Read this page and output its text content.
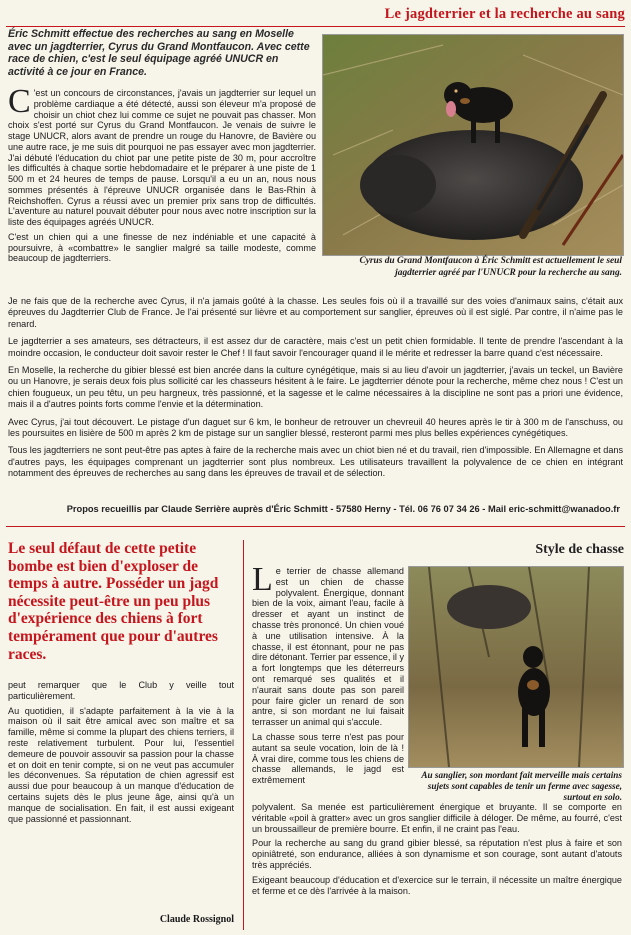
Le jagdterrier et la recherche au sang
Éric Schmitt effectue des recherches au sang en Moselle avec un jagdterrier, Cyrus du Grand Montfaucon. Avec cette race de chien, c'est le seul équipage agréé UNUCR en activité à ce jour en France.

C 'est un concours de circonstances, j'avais un jagdterrier sur lequel un problème cardiaque a été détecté, aussi son éleveur m'a proposé de choisir un chiot chez lui comme ce sujet ne pouvait pas chasser. Mon choix s'est porté sur Cyrus du Grand Montfaucon. Je venais de suivre le stage UNUCR, alors avant de prendre un rouge du Hanovre, de Bavière ou une autre race, je me suis dit pourquoi ne pas essayer avec mon jagdterrier. J'ai débuté l'éducation du chiot par une petite piste de 30 m, pour accroître les difficultés à chaque sortie hebdomadaire et le préparer à une piste de 1 500 m et 24 heures de temps de pause. Lorsqu'il a eu un an, nous nous sommes présentés à l'épreuve UNUCR organisée dans le Bas-Rhin à Reichshoffen. Cyrus a réussi avec un premier prix sans trop de difficultés. L'aventure au naturel pouvait débuter pour nous avec notre inscription sur la liste des équipages agréés UNUCR.

C'est un chien qui a une finesse de nez indéniable et une capacité à poursuivre, à «combattre» le sanglier malgré sa taille modeste, comme beaucoup de jagdterriers.	Cyrus du Grand Montfaucon à Éric Schmitt est actuellement le seul jagdterrier agréé par l'UNUCR pour la recherche au sang.

Je ne fais que de la recherche avec Cyrus, il n'a jamais goûté à la chasse. Les seules fois où il a travaillé sur des voies d'animaux sains, c'était aux épreuves du Jagdterrier Club de France. Je l'ai présenté sur lièvre et au comportement sur sanglier, épreuves où il est siglé. Par contre, il n'aime pas le renard.

Le jagdterrier a ses amateurs, ses détracteurs, il est assez dur de caractère, mais c'est un petit chien formidable. Il tente de prendre l'ascendant à la moindre occasion, le conducteur doit savoir rester le Chef ! Il faut savoir l'encourager quand il le mérite et redresser la barre quand c'est nécessaire.

En Moselle, la recherche du gibier blessé est bien ancrée dans la culture cynégétique, mais si au lieu d'avoir un jagdterrier, j'avais un teckel, un Bavière ou un Hanovre, je serais deux fois plus sollicité car les chasseurs hésitent à le faire. Le jagdterrier dénote pour la recherche, même chez nous ! C'est un chien fougueux, un peu têtu, un peu hargneux, très passionné, et la sagesse et le calme nécessaires à la discipline ne sont pas a priori une évidence, mais il a d'autres points forts comme l'envie et la détermination.

Avec Cyrus, j'ai tout découvert. Le pistage d'un daguet sur 6 km, le bonheur de retrouver un chevreuil 40 heures après le tir à 300 m de l'anschuss, ou les poursuites en lisière de 500 m après 2 km de pistage sur un sanglier blessé, resteront parmi mes plus belles expériences cynégétiques.

Tous les jagdterriers ne sont peut-être pas aptes à faire de la recherche mais avec un chiot bien né et du travail, rien d'impossible. En Allemagne et dans d'autres pays, les équipages comprenant un jagdterrier sont plus nombreux. Les utilisateurs travaillent la polyvalence de ce chien en intégrant notamment des épreuves de recherches au sang dans les épreuves de travail et de sélection.

Propos recueillis par Claude Serrière auprès d'Éric Schmitt - 57580 Herny - Tél. 06 76 07 34 26 - Mail eric-schmitt@wanadoo.fr
Le seul défaut de cette petite bombe est bien d'exploser de temps à autre. Posséder un jagd nécessite peut-être un peu plus d'expérience des chiens à fort tempérament que pour d'autres races.

peut remarquer que le Club y veille tout particulièrement.

Au quotidien, il s'adapte parfaitement à la vie à la maison où il sait être amical avec son maître et sa famille, même si comme la plupart des chiens terriers, il reste relativement turbulent. Pour lui, l'essentiel demeure de pouvoir assouvir sa passion pour la chasse et on doit en tenir compte, si on ne veut pas accumuler les déconvenues. Sa réputation de chien agressif est aussi due pour beaucoup à un manque d'éducation de certains sujets dès le plus jeune âge, ainsi qu'à un manque de socialisation. En fait, il est aussi exigeant que passionné et passionnant.

Claude Rossignol
Style de chasse

Le terrier de chasse allemand est un chien de chasse polyvalent. Énergique, donnant bien de la voix, aimant l'eau, facile à dresser et ayant un instinct de chasse très prononcé. Un chien voué à une utilisation intensive. À la chasse, il est étonnant, pour ne pas dire détonant. Terrier par essence, il y a fort longtemps que les déterreurs ont remarqué ses qualités et il n'aurait sans doute pas son pareil pour faire gicler un renard de son antre, si son mordant ne lui faisait terrasser un animal qui s'accule.

La chasse sous terre n'est pas pour autant sa seule vocation, loin de là ! À vrai dire, comme tous les chiens de chasse allemands, le jagd est extrêmement

Au sanglier, son mordant fait merveille mais certains sujets sont capables de tenir un ferme avec sagesse, surtout en solo.

polyvalent. Sa menée est particulièrement énergique et bruyante. Il se comporte en véritable «poil à gratter» avec un gros sanglier difficile à déloger. De même, au fourré, c'est un broussailleur de première bourre. Et enfin, il ne craint pas l'eau.

Pour la recherche au sang du grand gibier blessé, sa réputation n'est plus à faire et son opiniâtreté, son endurance, alliées à son dynamisme et son courage, sont autant d'atouts très appréciés.

Exigeant beaucoup d'éducation et d'exercice sur le terrain, il nécessite un maître énergique et ferme et ce dès l'arrivée à la maison.
